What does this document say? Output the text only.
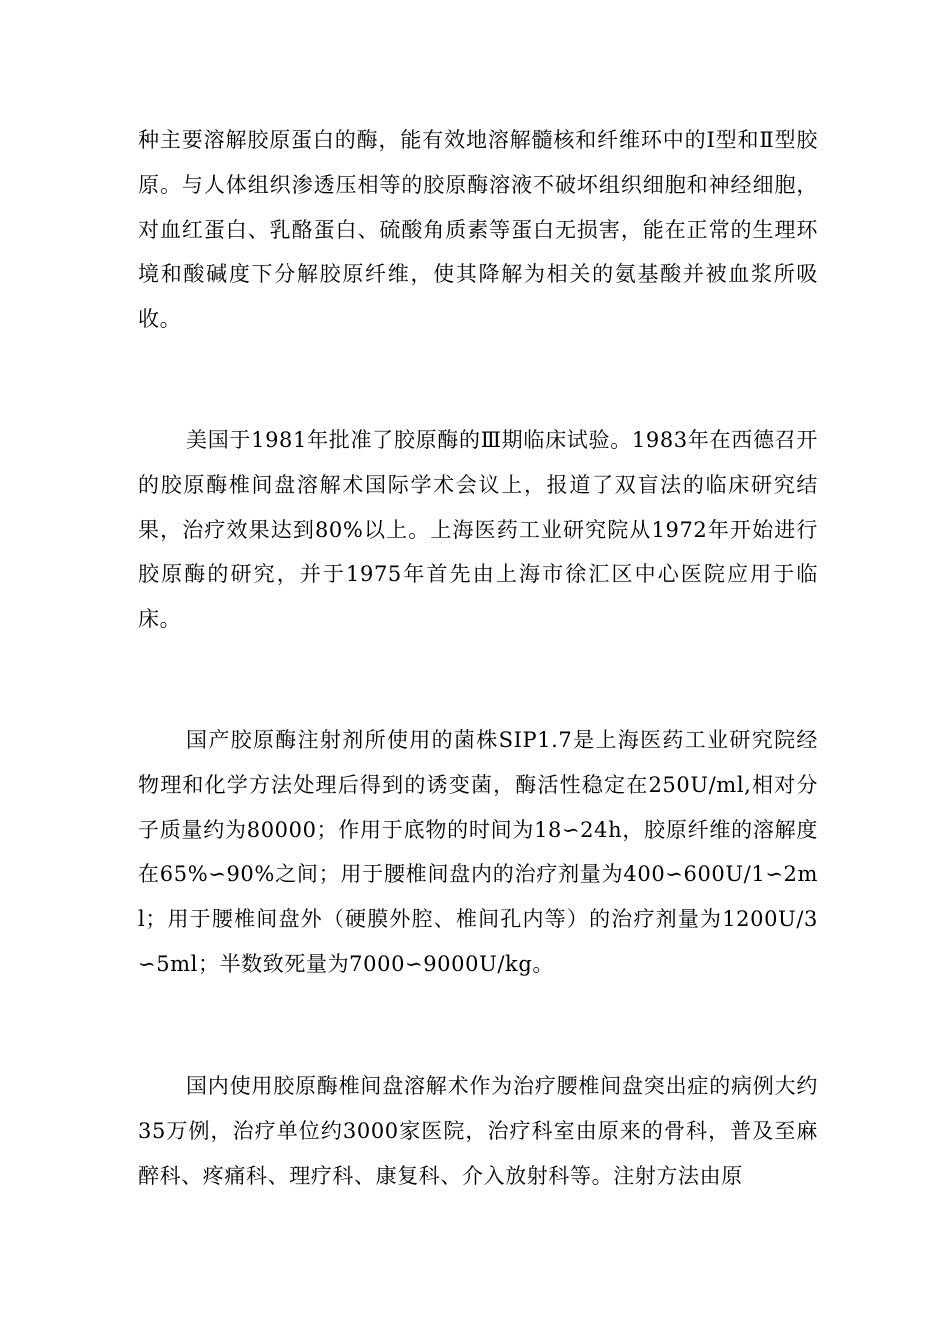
种主要溶解胶原蛋白的酶，能有效地溶解髓核和纤维环中的Ⅰ型和Ⅱ型胶原。与人体组织渗透压相等的胶原酶溶液不破坏组织细胞和神经细胞，对血红蛋白、乳酪蛋白、硫酸角质素等蛋白无损害，能在正常的生理环境和酸碱度下分解胶原纤维，使其降解为相关的氨基酸并被血浆所吸收。

美国于1981年批准了胶原酶的Ⅲ期临床试验。1983年在西德召开的胶原酶椎间盘溶解术国际学术会议上，报道了双盲法的临床研究结果，治疗效果达到80%以上。上海医药工业研究院从1972年开始进行胶原酶的研究，并于1975年首先由上海市徐汇区中心医院应用于临床。

国产胶原酶注射剂所使用的菌株SIP1.7是上海医药工业研究院经物理和化学方法处理后得到的诱变菌，酶活性稳定在250U/ml,相对分子质量约为80000；作用于底物的时间为18∽24h，胶原纤维的溶解度在65%∽90%之间；用于腰椎间盘内的治疗剂量为400∽600U/1∽2ml；用于腰椎间盘外（硬膜外腔、椎间孔内等）的治疗剂量为1200U/3∽5ml；半数致死量为7000∽9000U/kg。

国内使用胶原酶椎间盘溶解术作为治疗腰椎间盘突出症的病例大约35万例，治疗单位约3000家医院，治疗科室由原来的骨科，普及至麻醉科、疼痛科、理疗科、康复科、介入放射科等。注射方法由原
